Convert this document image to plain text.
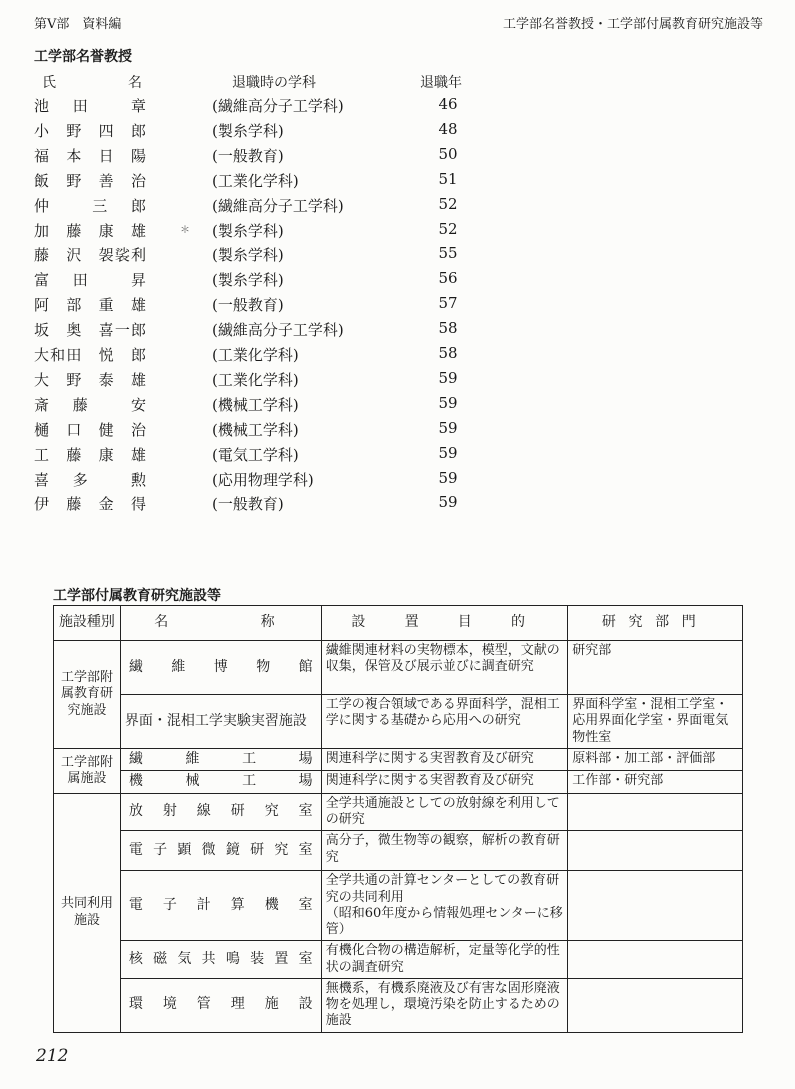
第Ⅴ部　資料編	工学部名誉教授・工学部付属教育研究施設等
工学部名誉教授
氏　　名	退職時の学科	退職年
池　田　　章	(繊維高分子工学科)	46
小　野　四　郎	(製糸学科)	48
福　本　日　陽	(一般教育)	50
飯　野　善　治	(工業化学科)	51
仲　　三　郎	(繊維高分子工学科)	52
加　藤　康　雄	(製糸学科)	52
藤　沢　袈裟利	(製糸学科)	55
富　田　　昇	(製糸学科)	56
阿　部　重　雄	(一般教育)	57
坂　奥　喜一郎	(繊維高分子工学科)	58
大和田　悦　郎	(工業化学科)	58
大　野　泰　雄	(工業化学科)	59
斎　藤　　安	(機械工学科)	59
樋　口　健　治	(機械工学科)	59
工　藤　康　雄	(電気工学科)	59
喜　多　　勲	(応用物理学科)	59
伊　藤　金　得	(一般教育)	59
＊
工学部付属教育研究施設等
施設種別	名　　　称	設　置　目　的	研究部門
工学部附属教育研究施設	繊維博物館	繊維関連材料の実物標本，模型，文献の収集，保管及び展示並びに調査研究	研究部
	界面・混相工学実験実習施設	工学の複合領域である界面科学，混相工学に関する基礎から応用への研究	界面科学室・混相工学室・応用界面化学室・界面電気物性室
工学部附属施設	繊維工場	関連科学に関する実習教育及び研究	原料部・加工部・評価部
	機械工場	関連科学に関する実習教育及び研究	工作部・研究部
共同利用施設	放射線研究室	全学共通施設としての放射線を利用しての研究	
	電子顕微鏡研究室	高分子，微生物等の観察，解析の教育研究	
	電子計算機室	全学共通の計算センターとしての教育研究の共同利用
（昭和60年度から情報処理センターに移管）	
	核磁気共鳴装置室	有機化合物の構造解析，定量等化学的性状の調査研究	
	環境管理施設	無機系，有機系廃液及び有害な固形廃液物を処理し，環境汚染を防止するための施設	
212
